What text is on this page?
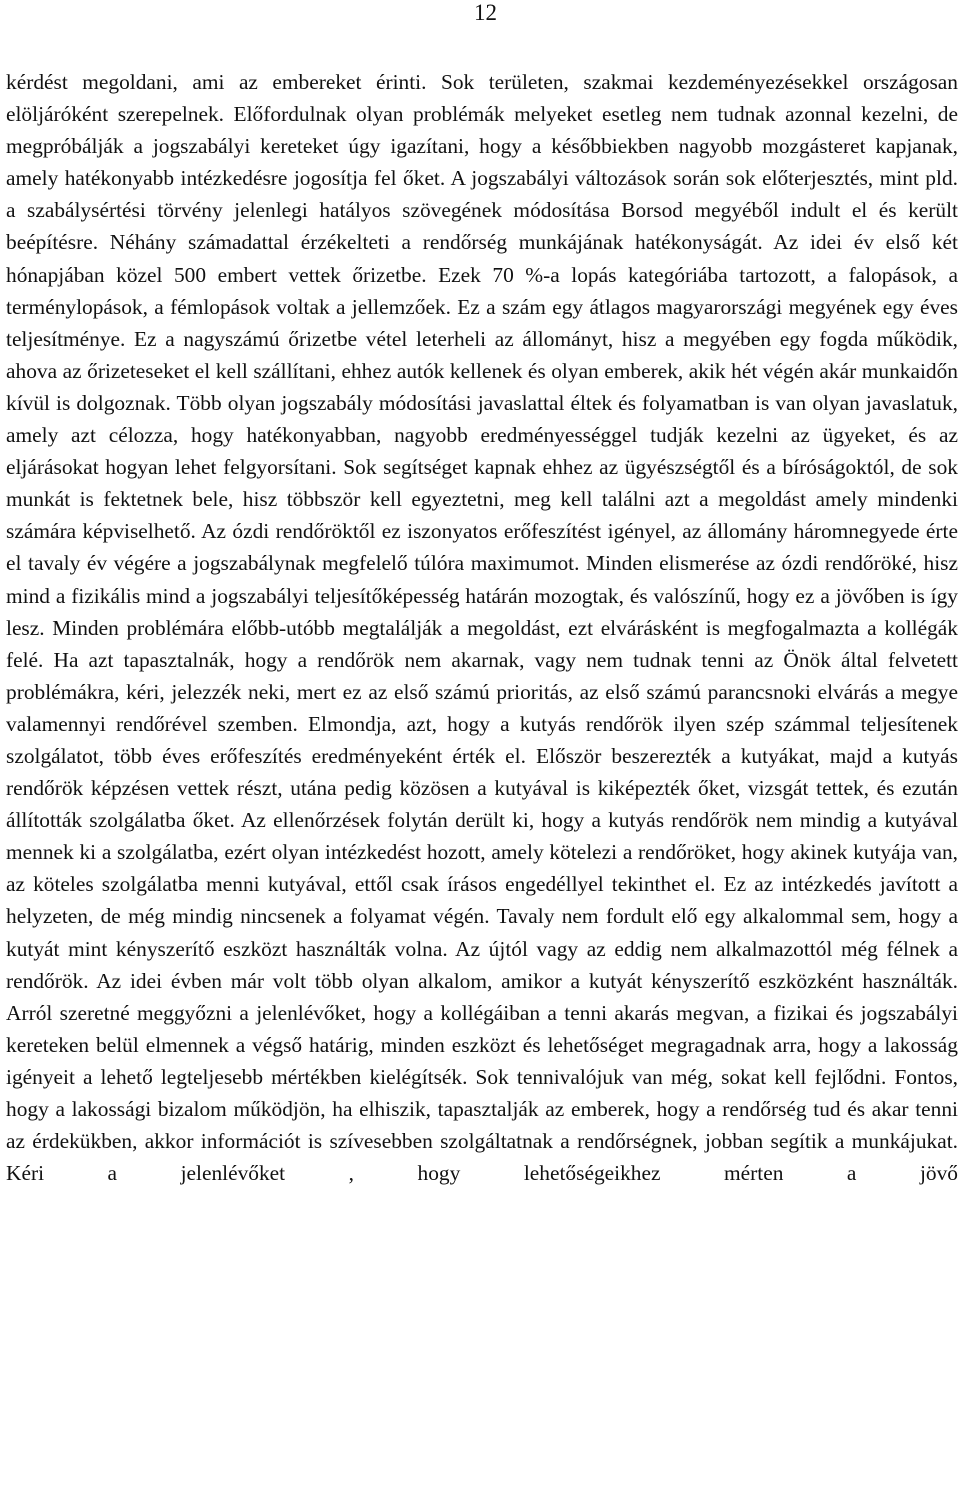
12

kérdést megoldani, ami az embereket érinti. Sok területen, szakmai kezdeményezésekkel országosan elöljáróként szerepelnek. Előfordulnak olyan problémák melyeket esetleg nem tudnak azonnal kezelni, de megpróbálják a jogszabályi kereteket úgy igazítani, hogy a későbbiekben nagyobb mozgásteret kapjanak, amely hatékonyabb intézkedésre jogosítja fel őket. A jogszabályi változások során sok előterjesztés, mint pld. a szabálysértési törvény jelenlegi hatályos szövegének módosítása Borsod megyéből indult el és került beépítésre. Néhány számadattal érzékelteti a rendőrség munkájának hatékonyságát. Az idei év első két hónapjában közel 500 embert vettek őrizetbe. Ezek 70 %-a lopás kategóriába tartozott, a falopások, a terménylopások, a fémlopások voltak a jellemzőek. Ez a szám egy átlagos magyarországi megyének egy éves teljesítménye. Ez a nagyszámú őrizetbe vétel leterheli az állományt, hisz a megyében egy fogda működik, ahova az őrizeteseket el kell szállítani, ehhez autók kellenek és olyan emberek, akik hét végén akár munkaidőn kívül is dolgoznak. Több olyan jogszabály módosítási javaslattal éltek és folyamatban is van olyan javaslatuk, amely azt célozza, hogy hatékonyabban, nagyobb eredményességgel tudják kezelni az ügyeket, és az eljárásokat hogyan lehet felgyorsítani. Sok segítséget kapnak ehhez az ügyészségtől és a bíróságoktól, de sok munkát is fektetnek bele, hisz többször kell egyeztetni, meg kell találni azt a megoldást amely mindenki számára képviselhető. Az ózdi rendőröktől ez iszonyatos erőfeszítést igényel, az állomány háromnegyede érte el tavaly év végére a jogszabálynak megfelelő túlóra maximumot. Minden elismerése az ózdi rendőröké, hisz mind a fizikális mind a jogszabályi teljesítőképesség határán mozogtak, és valószínű, hogy ez a jövőben is így lesz. Minden problémára előbb-utóbb megtalálják a megoldást, ezt elvárásként is megfogalmazta a kollégák felé. Ha azt tapasztalnák, hogy a rendőrök nem akarnak, vagy nem tudnak tenni az Önök által felvetett problémákra, kéri, jelezzék neki, mert ez az első számú prioritás, az első számú parancsnoki elvárás a megye valamennyi rendőrével szemben. Elmondja, azt, hogy a kutyás rendőrök ilyen szép számmal teljesítenek szolgálatot, több éves erőfeszítés eredményeként érték el. Először beszerezték a kutyákat, majd a kutyás rendőrök képzésen vettek részt, utána pedig közösen a kutyával is kiképezték őket, vizsgát tettek, és ezután állították szolgálatba őket. Az ellenőrzések folytán derült ki, hogy a kutyás rendőrök nem mindig a kutyával mennek ki a szolgálatba, ezért olyan intézkedést hozott, amely kötelezi a rendőröket, hogy akinek kutyája van, az köteles szolgálatba menni kutyával, ettől csak írásos engedéllyel tekinthet el. Ez az intézkedés javított a helyzeten, de még mindig nincsenek a folyamat végén. Tavaly nem fordult elő egy alkalommal sem, hogy a kutyát mint kényszerítő eszközt használták volna. Az újtól vagy az eddig nem alkalmazottól még félnek a rendőrök. Az idei évben már volt több olyan alkalom, amikor a kutyát kényszerítő eszközként használták. Arról szeretné meggyőzni a jelenlévőket, hogy a kollégáiban a tenni akarás megvan, a fizikai és jogszabályi kereteken belül elmennek a végső határig, minden eszközt és lehetőséget megragadnak arra, hogy a lakosság igényeit a lehető legteljesebb mértékben kielégítsék. Sok tennivalójuk van még, sokat kell fejlődni. Fontos, hogy a lakossági bizalom működjön, ha elhiszik, tapasztalják az emberek, hogy a rendőrség tud és akar tenni az érdekükben, akkor információt is szívesebben szolgáltatnak a rendőrségnek, jobban segítik a munkájukat. Kéri a jelenlévőket , hogy lehetőségeikhez mérten a jövő
